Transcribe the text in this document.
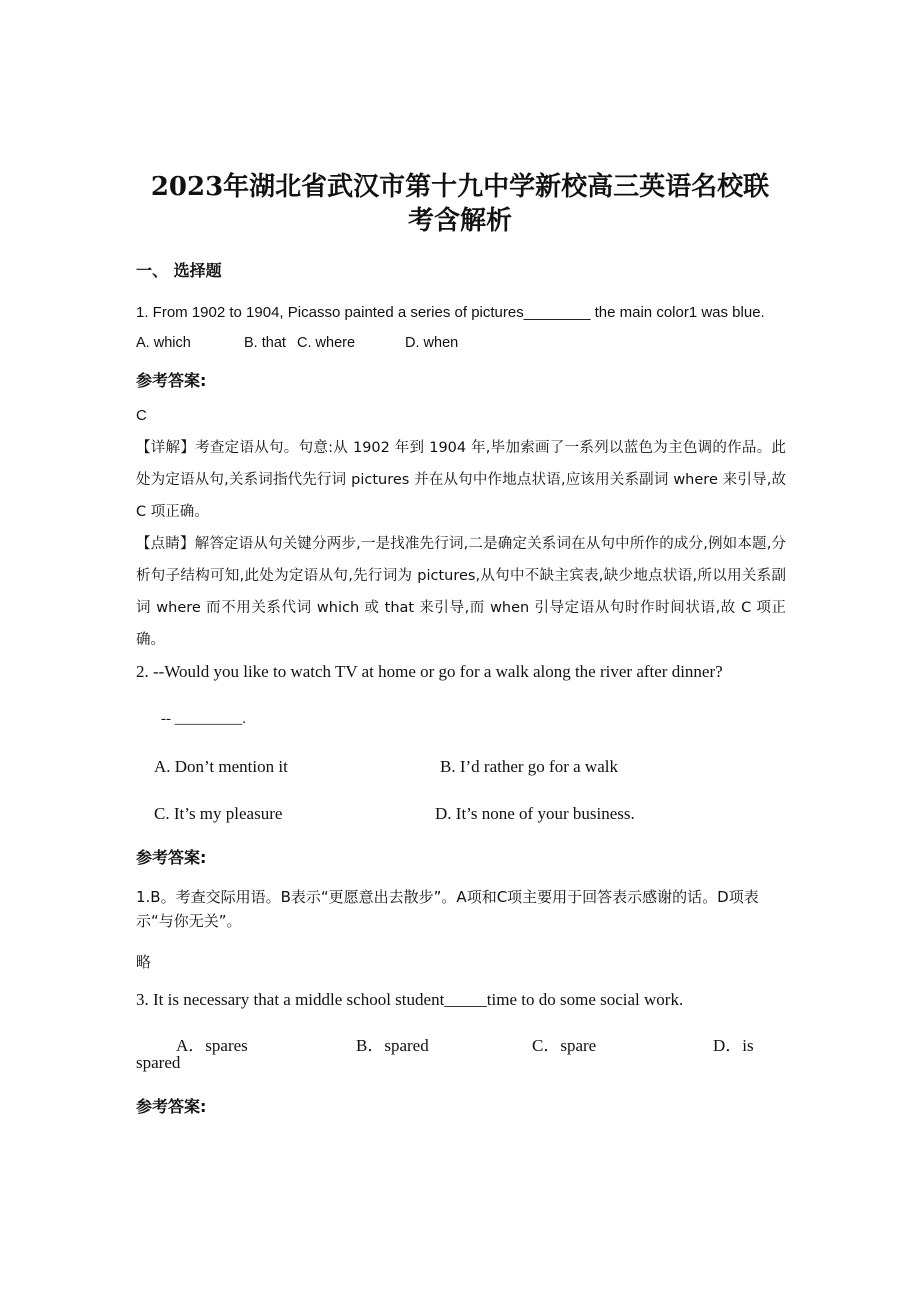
2023年湖北省武汉市第十九中学新校高三英语名校联
考含解析
一、 选择题
1. From 1902 to 1904, Picasso painted a series of pictures________ the main color1 was blue.
A. which	B. that C. where	D. when
参考答案:
C
【详解】考查定语从句。句意:从 1902 年到 1904 年,毕加索画了一系列以蓝色为主色调的作品。此处为定语从句,关系词指代先行词 pictures 并在从句中作地点状语,应该用关系副词 where 来引导,故 C 项正确。
【点睛】解答定语从句关键分两步,一是找准先行词,二是确定关系词在从句中所作的成分,例如本题,分析句子结构可知,此处为定语从句,先行词为 pictures,从句中不缺主宾表,缺少地点状语,所以用关系副词 where 而不用关系代词 which 或 that 来引导,而 when 引导定语从句时作时间状语,故 C 项正确。
2. --Would you like to watch TV at home or go for a walk along the river after dinner?
-- _________.
A. Don’t mention it	B. I’d rather go for a walk
C. It’s my pleasure	D. It’s none of your business.
参考答案:
1.B。考查交际用语。B表示“更愿意出去散步”。A项和C项主要用于回答表示感谢的话。D项表示“与你无关”。
略
3. It is necessary that a middle school student_____time to do some social work.
A．spares	B．spared	C．spare	D．is
spared
参考答案:
